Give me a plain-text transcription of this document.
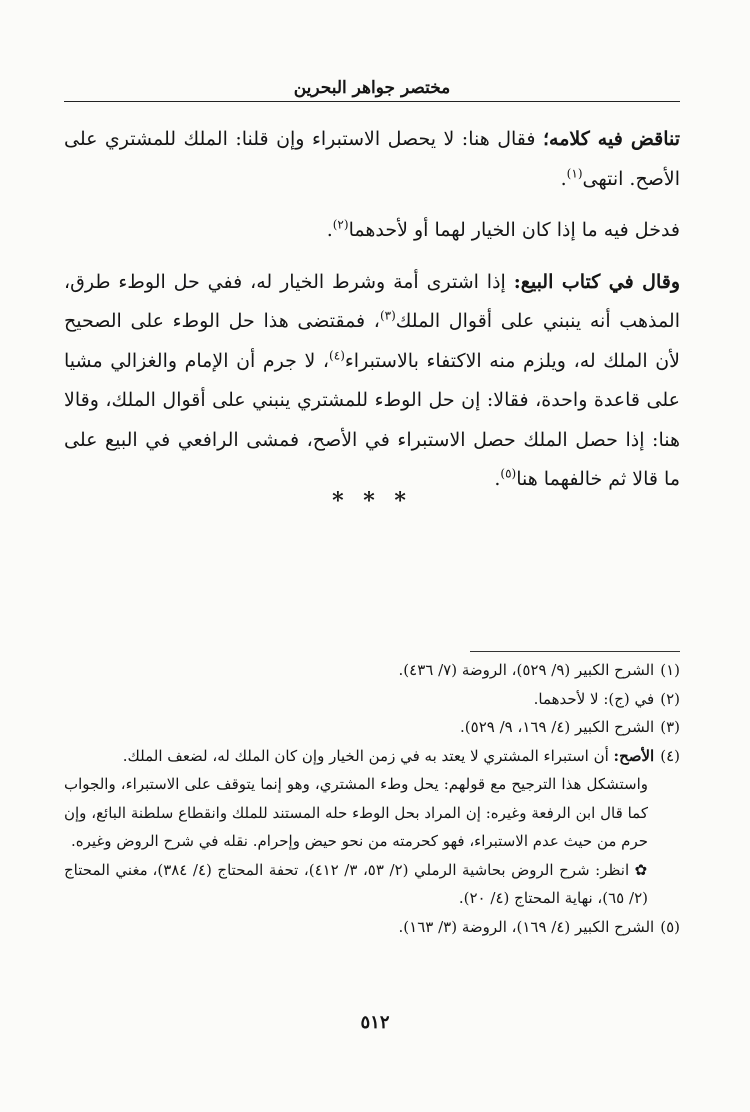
مختصر جواهر البحرين

تناقض فيه كلامه؛ فقال هنا: لا يحصل الاستبراء وإن قلنا: الملك للمشتري على الأصح. انتهى$^{(١)}$.

فدخل فيه ما إذا كان الخيار لهما أو لأحدهما$^{(٢)}$.

وقال في كتاب البيع: إذا اشترى أمة وشرط الخيار له، ففي حل الوطء طرق، المذهب أنه ينبني على أقوال الملك$^{(٣)}$، فمقتضى هذا حل الوطء على الصحيح لأن الملك له، ويلزم منه الاكتفاء بالاستبراء$^{(٤)}$، لا جرم أن الإمام والغزالي مشيا على قاعدة واحدة، فقالا: إن حل الوطء للمشتري ينبني على أقوال الملك، وقالا هنا: إذا حصل الملك حصل الاستبراء في الأصح، فمشى الرافعي في البيع على ما قالا ثم خالفهما هنا$^{(٥)}$.

* * *

(١)الشرح الكبير (٩/ ٥٢٩)، الروضة (٧/ ٤٣٦).

(٢)في (ج): لا لأحدهما.

(٣)الشرح الكبير (٤/ ١٦٩، ٩/ ٥٢٩).

(٤)الأصح: أن استبراء المشتري لا يعتد به في زمن الخيار وإن كان الملك له، لضعف الملك.

واستشكل هذا الترجيح مع قولهم: يحل وطء المشتري، وهو إنما يتوقف على الاستبراء، والجواب كما قال ابن الرفعة وغيره: إن المراد بحل الوطء حله المستند للملك وانقطاع سلطنة البائع، وإن حرم من حيث عدم الاستبراء، فهو كحرمته من نحو حيض وإحرام. نقله في شرح الروض وغيره.

✿ انظر: شرح الروض بحاشية الرملي (٢/ ٥٣، ٣/ ٤١٢)، تحفة المحتاج (٤/ ٣٨٤)، مغني المحتاج (٢/ ٦٥)، نهاية المحتاج (٤/ ٢٠).

(٥)الشرح الكبير (٤/ ١٦٩)، الروضة (٣/ ١٦٣).

٥١٢
